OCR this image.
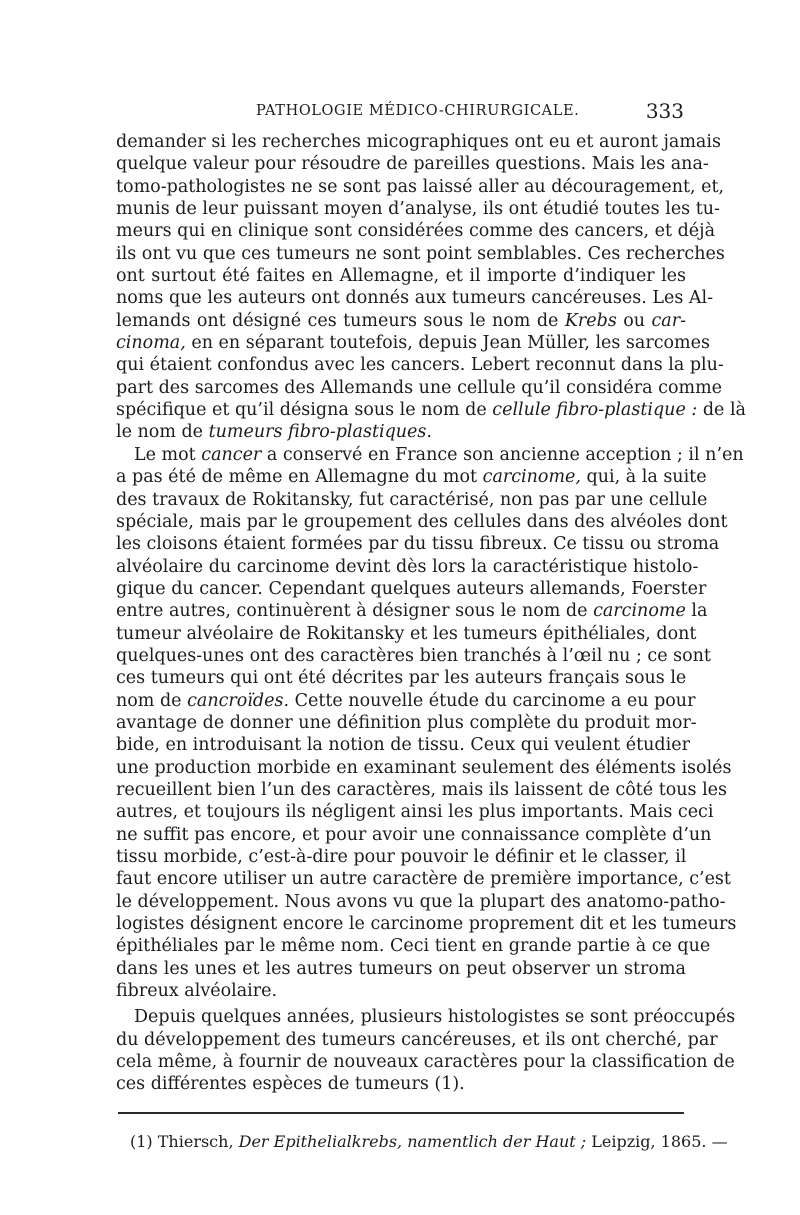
PATHOLOGIE MÉDICO-CHIRURGICALE.	333
demander si les recherches micographiques ont eu et auront jamais
quelque valeur pour résoudre de pareilles questions. Mais les ana-
tomo-pathologistes ne se sont pas laissé aller au découragement, et,
munis de leur puissant moyen d’analyse, ils ont étudié toutes les tu-
meurs qui en clinique sont considérées comme des cancers, et déjà
ils ont vu que ces tumeurs ne sont point semblables. Ces recherches
ont surtout été faites en Allemagne, et il importe d’indiquer les
noms que les auteurs ont donnés aux tumeurs cancéreuses. Les Al-
lemands ont désigné ces tumeurs sous le nom de Krebs ou car-
cinoma, en en séparant toutefois, depuis Jean Müller, les sarcomes
qui étaient confondus avec les cancers. Lebert reconnut dans la plu-
part des sarcomes des Allemands une cellule qu’il considéra comme
spécifique et qu’il désigna sous le nom de cellule fibro-plastique : de là
le nom de tumeurs fibro-plastiques.
Le mot cancer a conservé en France son ancienne acception ; il n’en
a pas été de même en Allemagne du mot carcinome, qui, à la suite
des travaux de Rokitansky, fut caractérisé, non pas par une cellule
spéciale, mais par le groupement des cellules dans des alvéoles dont
les cloisons étaient formées par du tissu fibreux. Ce tissu ou stroma
alvéolaire du carcinome devint dès lors la caractéristique histolo-
gique du cancer. Cependant quelques auteurs allemands, Foerster
entre autres, continuèrent à désigner sous le nom de carcinome la
tumeur alvéolaire de Rokitansky et les tumeurs épithéliales, dont
quelques-unes ont des caractères bien tranchés à l’œil nu ; ce sont
ces tumeurs qui ont été décrites par les auteurs français sous le
nom de cancroïdes. Cette nouvelle étude du carcinome a eu pour
avantage de donner une définition plus complète du produit mor-
bide, en introduisant la notion de tissu. Ceux qui veulent étudier
une production morbide en examinant seulement des éléments isolés
recueillent bien l’un des caractères, mais ils laissent de côté tous les
autres, et toujours ils négligent ainsi les plus importants. Mais ceci
ne suffit pas encore, et pour avoir une connaissance complète d’un
tissu morbide, c’est-à-dire pour pouvoir le définir et le classer, il
faut encore utiliser un autre caractère de première importance, c’est
le développement. Nous avons vu que la plupart des anatomo-patho-
logistes désignent encore le carcinome proprement dit et les tumeurs
épithéliales par le même nom. Ceci tient en grande partie à ce que
dans les unes et les autres tumeurs on peut observer un stroma
fibreux alvéolaire.
Depuis quelques années, plusieurs histologistes se sont préoccupés
du développement des tumeurs cancéreuses, et ils ont cherché, par
cela même, à fournir de nouveaux caractères pour la classification de
ces différentes espèces de tumeurs (1).
(1) Thiersch, Der Epithelialkrebs, namentlich der Haut ; Leipzig, 1865. —
